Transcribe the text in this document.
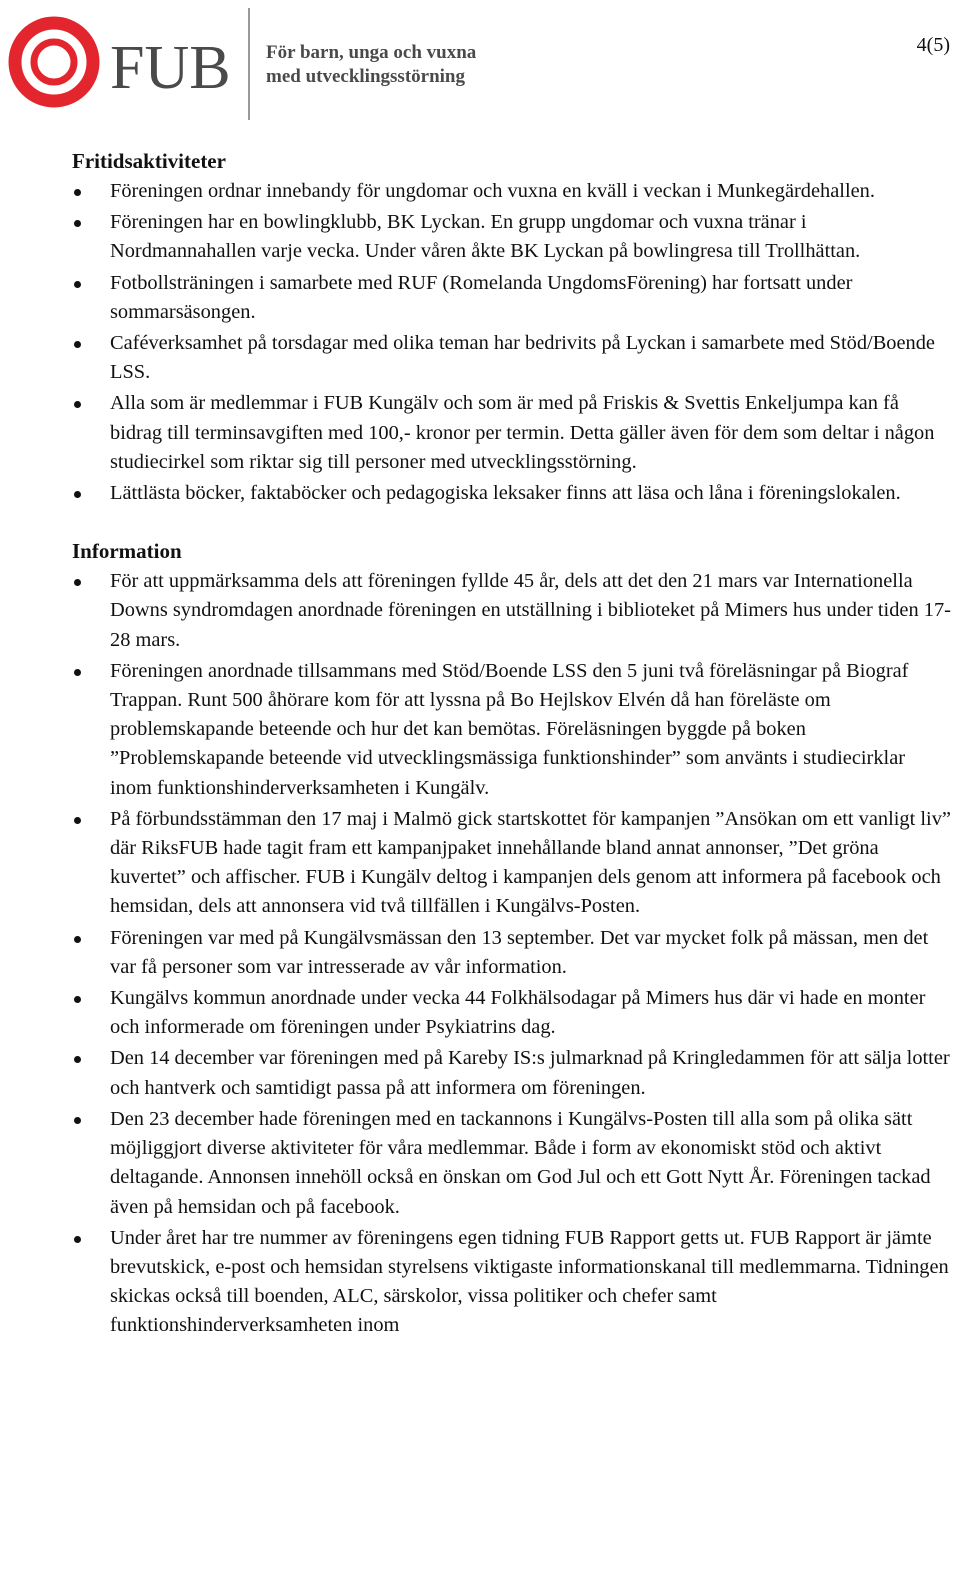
FUB För barn, unga och vuxna
med utvecklingsstörning
4(5)
Fritidsaktiviteter
Föreningen ordnar innebandy för ungdomar och vuxna en kväll i veckan i Munkegärdehallen.
Föreningen har en bowlingklubb, BK Lyckan. En grupp ungdomar och vuxna tränar i Nordmannahallen varje vecka. Under våren åkte BK Lyckan på bowlingresa till Trollhättan.
Fotbollsträningen i samarbete med RUF (Romelanda UngdomsFörening) har fortsatt under sommarsäsongen.
Caféverksamhet på torsdagar med olika teman har bedrivits på Lyckan i samarbete med Stöd/Boende LSS.
Alla som är medlemmar i FUB Kungälv och som är med på Friskis & Svettis Enkeljumpa kan få bidrag till terminsavgiften med 100,- kronor per termin. Detta gäller även för dem som deltar i någon studiecirkel som riktar sig till personer med utvecklingsstörning.
Lättlästa böcker, faktaböcker och pedagogiska leksaker finns att läsa och låna i föreningslokalen.
Information
För att uppmärksamma dels att föreningen fyllde 45 år, dels att det den 21 mars var Internationella Downs syndromdagen anordnade föreningen en utställning i biblioteket på Mimers hus under tiden 17-28 mars.
Föreningen anordnade tillsammans med Stöd/Boende LSS den 5 juni två föreläsningar på Biograf Trappan. Runt 500 åhörare kom för att lyssna på Bo Hejlskov Elvén då han föreläste om problemskapande beteende och hur det kan bemötas. Föreläsningen byggde på boken ”Problemskapande beteende vid utvecklingsmässiga funktionshinder” som använts i studiecirklar inom funktionshinderverksamheten i Kungälv.
På förbundsstämman den 17 maj i Malmö gick startskottet för kampanjen ”Ansökan om ett vanligt liv” där RiksFUB hade tagit fram ett kampanjpaket innehållande bland annat annonser, ”Det gröna kuvertet” och affischer. FUB i Kungälv deltog i kampanjen dels genom att informera på facebook och hemsidan, dels att annonsera vid två tillfällen i Kungälvs-Posten.
Föreningen var med på Kungälvsmässan den 13 september. Det var mycket folk på mässan, men det var få personer som var intresserade av vår information.
Kungälvs kommun anordnade under vecka 44 Folkhälsodagar på Mimers hus där vi hade en monter och informerade om föreningen under Psykiatrins dag.
Den 14 december var föreningen med på Kareby IS:s julmarknad på Kringledammen för att sälja lotter och hantverk och samtidigt passa på att informera om föreningen.
Den 23 december hade föreningen med en tackannons i Kungälvs-Posten till alla som på olika sätt möjliggjort diverse aktiviteter för våra medlemmar. Både i form av ekonomiskt stöd och aktivt deltagande. Annonsen innehöll också en önskan om God Jul och ett Gott Nytt År. Föreningen tackad även på hemsidan och på facebook.
Under året har tre nummer av föreningens egen tidning FUB Rapport getts ut. FUB Rapport är jämte brevutskick, e-post och hemsidan styrelsens viktigaste informationskanal till medlemmarna. Tidningen skickas också till boenden, ALC, särskolor, vissa politiker och chefer samt funktionshinderverksamheten inom
